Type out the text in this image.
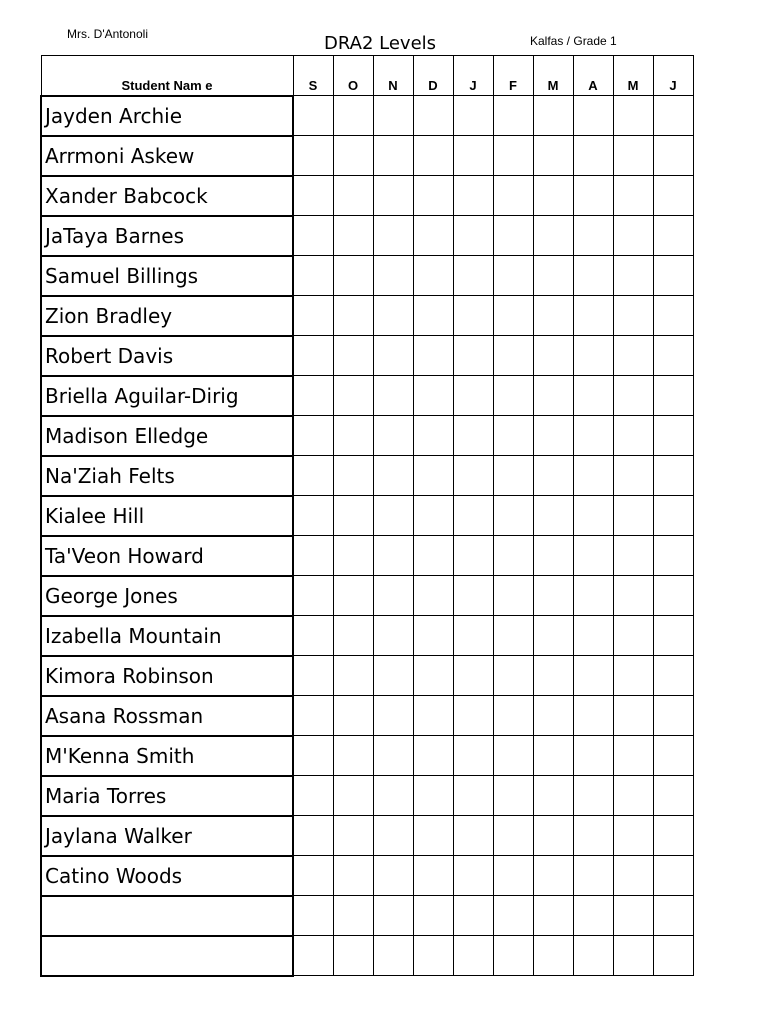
Mrs. D'Antonoli	DRA2 Levels	Kalfas / Grade 1
Student Nam e	S	O	N	D	J	F	M	A	M	J
Jayden Archie										
Arrmoni Askew										
Xander Babcock										
JaTaya Barnes										
Samuel Billings										
Zion Bradley										
Robert Davis										
Briella Aguilar-Dirig										
Madison Elledge										
Na'Ziah Felts										
Kialee Hill										
Ta'Veon Howard										
George Jones										
Izabella Mountain										
Kimora Robinson										
Asana Rossman										
M'Kenna Smith										
Maria Torres										
Jaylana Walker										
Catino Woods										
